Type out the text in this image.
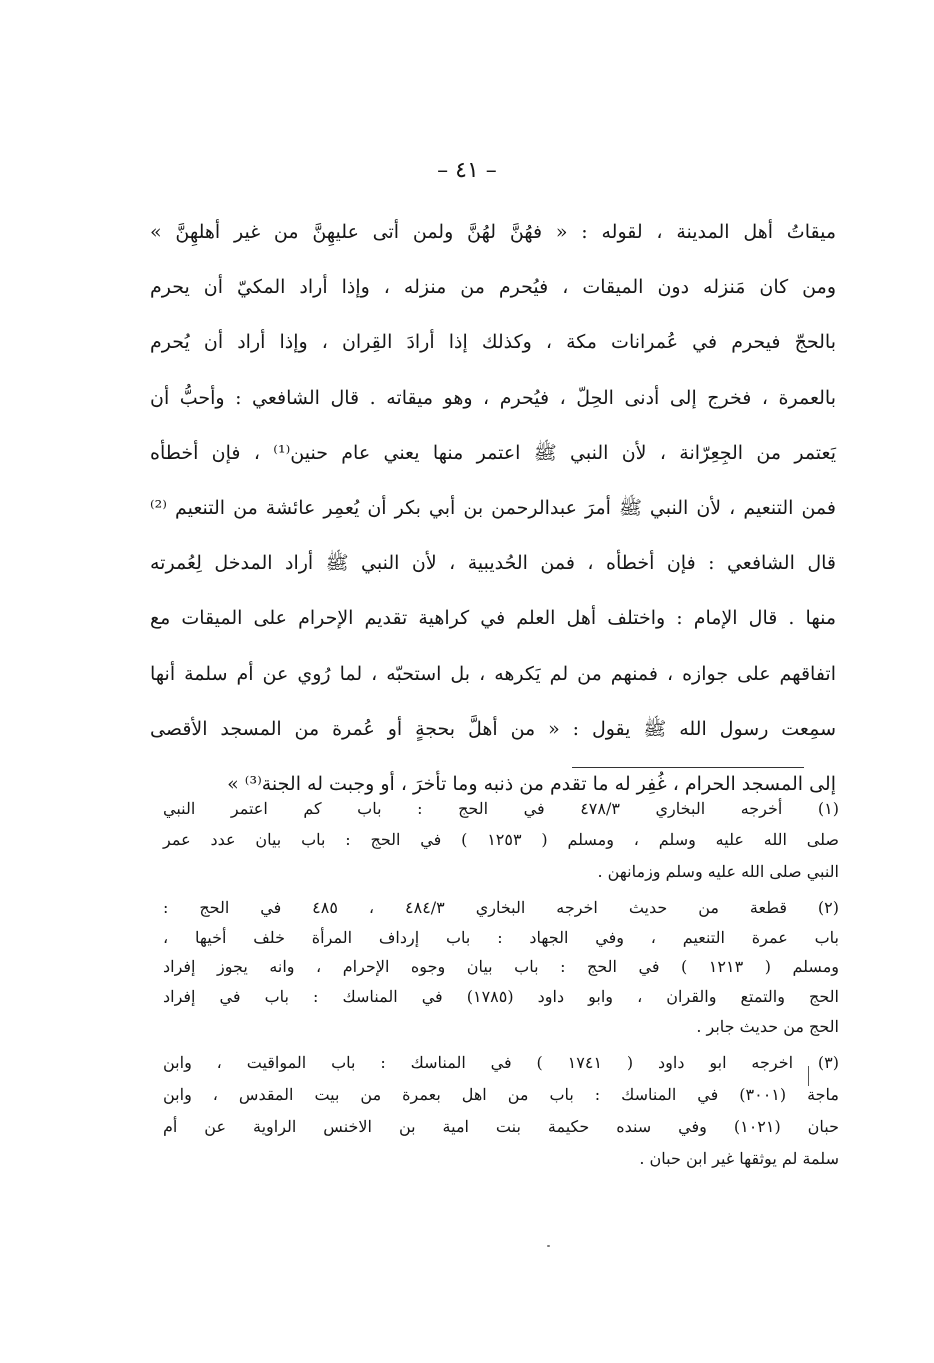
– ٤١ –
ميقاتُ أهل المدينة ، لقوله : « فهُنَّ لهُنَّ ولمن أتى عليهِنَّ من غير أهلهِنَّ »
ومن كان مَنزله دون الميقات ، فيُحرم من منزله ، وإذا أراد المكيّ أن يحرم
بالحجّ فيحرم في عُمرانات مكة ، وكذلك إذا أرادَ القِران ، وإذا أراد أن يُحرم
بالعمرة ، فخرج إلى أدنى الحِلّ ، فيُحرم ، وهو ميقاته . قال الشافعي : وأحبُّ أن
يَعتمر من الجِعِرّانة ، لأن النبي ﷺ اعتمر منها يعني عام حنين⁽¹⁾ ، فإن أخطأه
فمن التنعيم ، لأن النبي ﷺ أمرَ عبدالرحمن بن أبي بكر أن يُعمِر عائشة من التنعيم ⁽²⁾
قال الشافعي : فإن أخطأه ، فمن الحُديبية ، لأن النبي ﷺ أراد المدخل لِعُمرته
منها . قال الإمام : واختلف أهل العلم في كراهية تقديم الإحرام على الميقات مع
اتفاقهم على جوازه ، فمنهم من لم يَكرهه ، بل استحبّه ، لما رُوي عن أم سلمة أنها
سمِعت رسول الله ﷺ يقول : « من أهلَّ بحجةٍ أو عُمرة من المسجد الأقصى
إلى المسجد الحرام ، غُفِر له ما تقدم من ذنبه وما تأخرَ ، أو وجبت له الجنة⁽³⁾ »
(١) أخرجه البخاري ٤٧٨/٣ في الحج : باب كم اعتمر النبي
صلى الله عليه وسلم ، ومسلم ( ١٢٥٣ ) في الحج : باب بيان عدد عمر
النبي صلى الله عليه وسلم وزمانهن .
(٢) قطعة من حديث اخرجه البخاري ٤٨٤/٣ ، ٤٨٥ في الحج :
باب عمرة التنعيم ، وفي الجهاد : باب إرداف المرأة خلف أخيها ،
ومسلم ( ١٢١٣ ) في الحج : باب بيان وجوه الإحرام ، وانه يجوز إفراد
الحج والتمتع والقران ، وابو داود (١٧٨٥) في المناسك : باب في إفراد
الحج من حديث جابر .
(٣) اخرجه ابو داود ( ١٧٤١ ) في المناسك : باب المواقيت ، وابن
ماجة (٣٠٠١) في المناسك : باب من اهل بعمرة من بيت المقدس ، وابن
حبان (١٠٢١) وفي سنده حكيمة بنت امية بن الاخنس الراوية عن أم
سلمة لم يوثقها غير ابن حبان .
